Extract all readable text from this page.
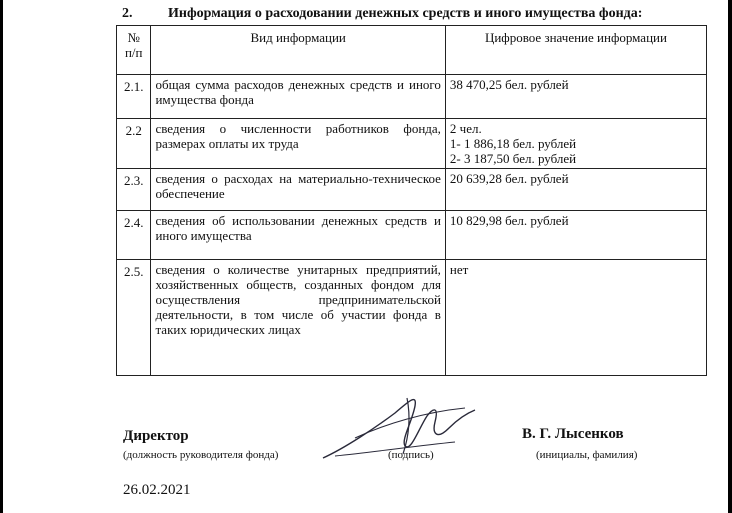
2.	Информация о расходовании денежных средств и иного имущества фонда:
№ п/п	Вид информации	Цифровое значение информации
2.1.	общая сумма расходов денежных средств и иного имущества фонда	38 470,25 бел. рублей

2.2	сведения о численности работников фонда, размерах оплаты их труда	2 чел.
1- 1 886,18 бел. рублей
2- 3 187,50 бел. рублей

2.3.	сведения о расходах на материально-техническое обеспечение	20 639,28 бел. рублей

2.4.	сведения об использовании денежных средств и иного имущества	10 829,98 бел. рублей

2.5.	сведения о количестве унитарных предприятий, хозяйственных обществ, созданных фондом для осуществления предпринимательской деятельности, в том числе об участии фонда в таких юридических лицах	нет
Директор
(должность руководителя фонда)	(подпись)
В. Г. Лысенков
(инициалы, фамилия)
26.02.2021
